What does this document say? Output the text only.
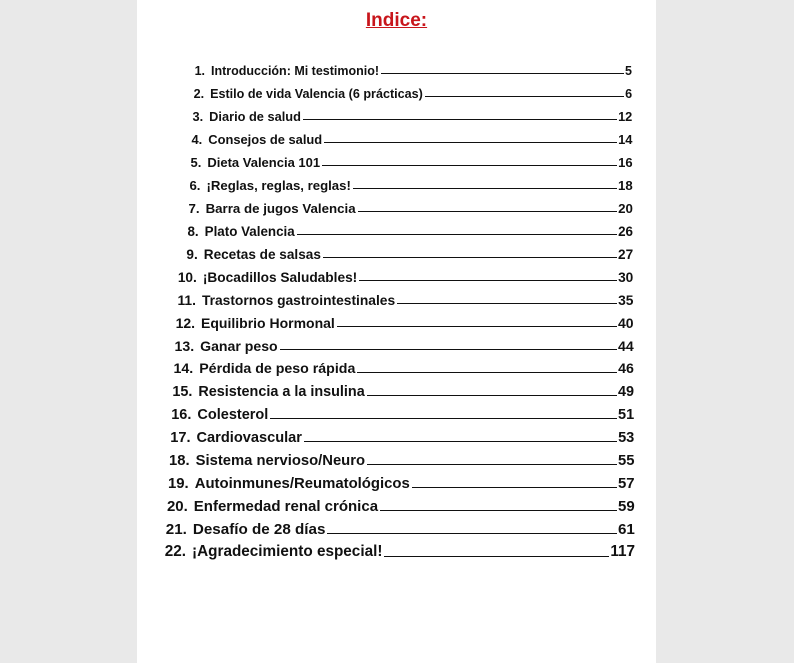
Indice:
1. Introducción: Mi testimonio!	5
2. Estilo de vida Valencia (6 prácticas)	6
3. Diario de salud	12
4. Consejos de salud	14
5. Dieta Valencia 101	16
6. ¡Reglas, reglas, reglas!	18
7. Barra de jugos Valencia	20
8. Plato Valencia	26
9. Recetas de salsas	27
10. ¡Bocadillos Saludables!	30
11. Trastornos gastrointestinales	35
12. Equilibrio Hormonal	40
13. Ganar peso	44
14. Pérdida de peso rápida	46
15. Resistencia a la insulina	49
16. Colesterol	51
17. Cardiovascular	53
18. Sistema nervioso/Neuro	55
19. Autoinmunes/Reumatológicos	57
20. Enfermedad renal crónica	59
21. Desafío de 28 días	61
22. ¡Agradecimiento especial!	117
